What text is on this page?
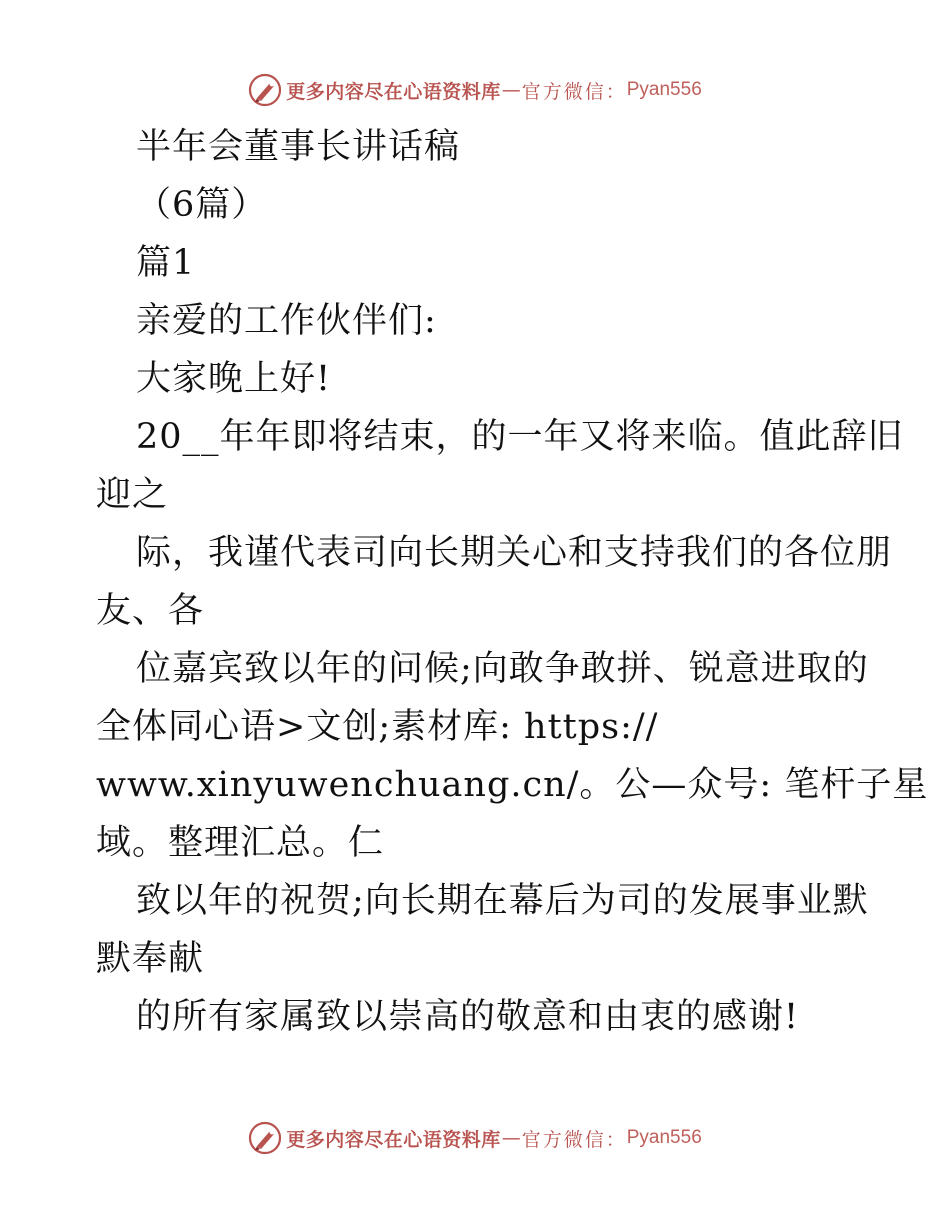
更多内容尽在心语资料库 — 官方微信： Pyan556
半年会董事长讲话稿
（6篇）
篇1
亲爱的工作伙伴们:
大家晚上好!
20__年年即将结束，的一年又将来临。值此辞旧
迎之
际，我谨代表司向长期关心和支持我们的各位朋
友、各
位嘉宾致以年的问候;向敢争敢拼、锐意进取的
全体同心语>文创;素材库: https://
www.xinyuwenchuang.cn/。公—众号: 笔杆子星
域。整理汇总。仁
致以年的祝贺;向长期在幕后为司的发展事业默
默奉献
的所有家属致以崇高的敬意和由衷的感谢!
更多内容尽在心语资料库 — 官方微信： Pyan556
